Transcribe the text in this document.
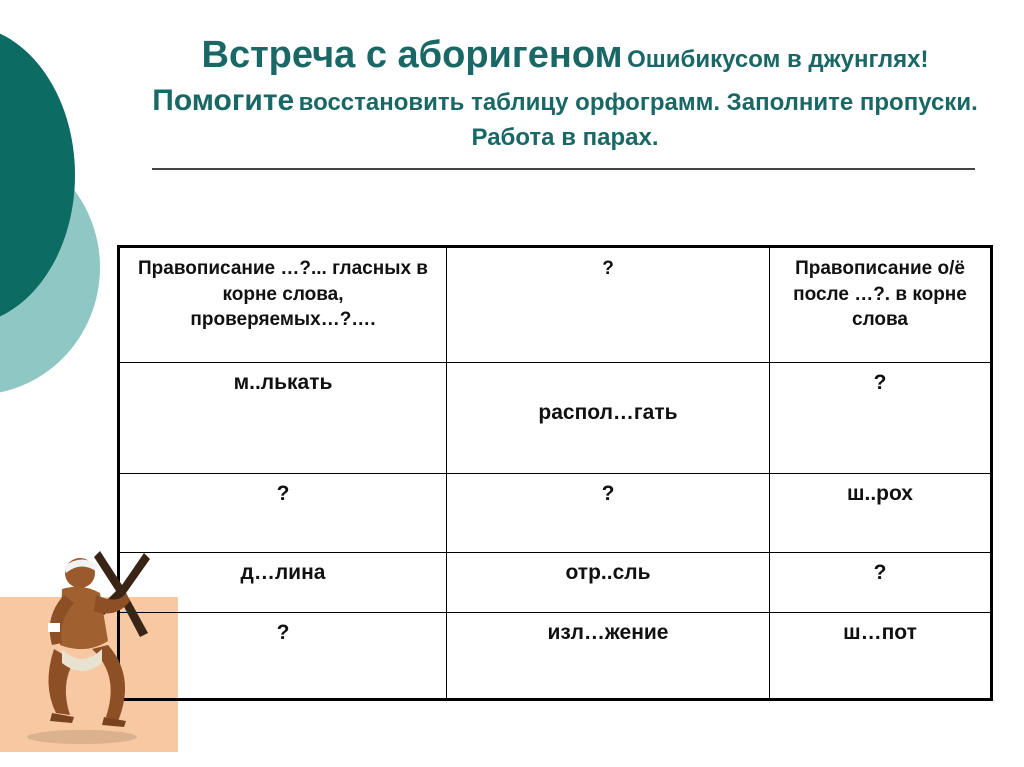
Встреча с аборигеном Ошибикусом в джунглях! Помогите восстановить таблицу орфограмм. Заполните пропуски. Работа в парах.
Правописание …?... гласных в корне слова, проверяемых…?….	?	Правописание о/ё после …?. в корне слова
м..лькать	распол…гать	?
?	?	ш..рох
д…лина	отр..сль	?
?	изл…жение	ш…пот
